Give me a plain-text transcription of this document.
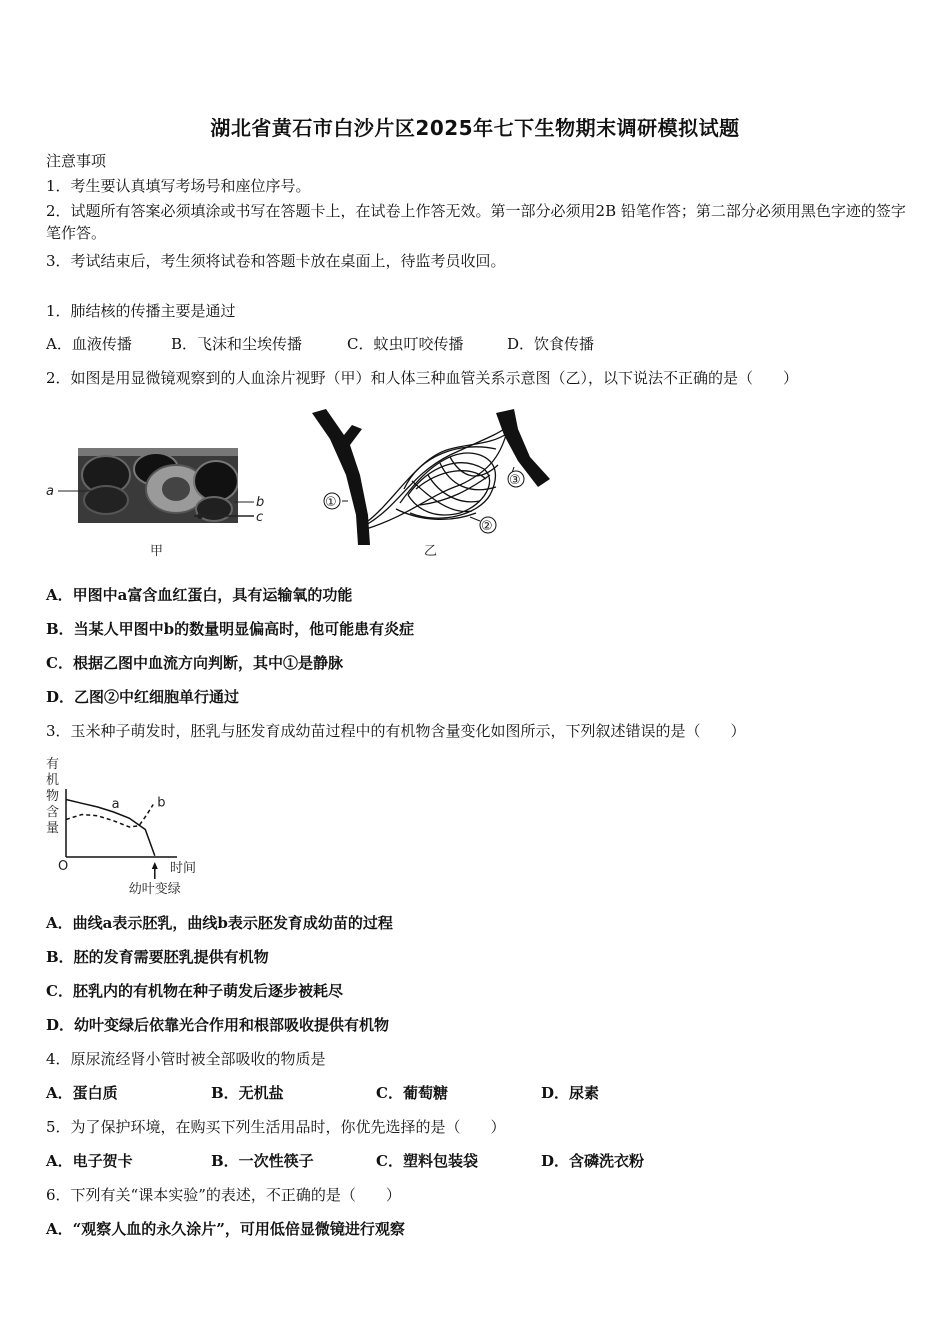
湖北省黄石市白沙片区2025年七下生物期末调研模拟试题
注意事项
1．考生要认真填写考场号和座位序号。
2．试题所有答案必须填涂或书写在答题卡上，在试卷上作答无效。第一部分必须用2B 铅笔作答；第二部分必须用黑色字迹的签字笔作答。
3．考试结束后，考生须将试卷和答题卡放在桌面上，待监考员收回。
1．肺结核的传播主要是通过
A．血液传播	B．飞沫和尘埃传播	C．蚊虫叮咬传播	D．饮食传播
2．如图是用显微镜观察到的人血涂片视野（甲）和人体三种血管关系示意图（乙），以下说法不正确的是（　　）
a
b
c
甲
①
②
③
乙
A．甲图中a富含血红蛋白，具有运输氧的功能
B．当某人甲图中b的数量明显偏高时，他可能患有炎症
C．根据乙图中血流方向判断，其中①是静脉
D．乙图②中红细胞单行通过
3．玉米种子萌发时，胚乳与胚发育成幼苗过程中的有机物含量变化如图所示，下列叙述错误的是（　　）
有
机
物
含
量
O	时间
a	b
幼叶变绿
A．曲线a表示胚乳，曲线b表示胚发育成幼苗的过程
B．胚的发育需要胚乳提供有机物
C．胚乳内的有机物在种子萌发后逐步被耗尽
D．幼叶变绿后依靠光合作用和根部吸收提供有机物
4．原尿流经肾小管时被全部吸收的物质是
A．蛋白质	B．无机盐	C．葡萄糖	D．尿素
5．为了保护环境，在购买下列生活用品时，你优先选择的是（　　）
A．电子贺卡	B．一次性筷子	C．塑料包装袋	D．含磷洗衣粉
6．下列有关“课本实验”的表述，不正确的是（　　）
A．“观察人血的永久涂片”，可用低倍显微镜进行观察
